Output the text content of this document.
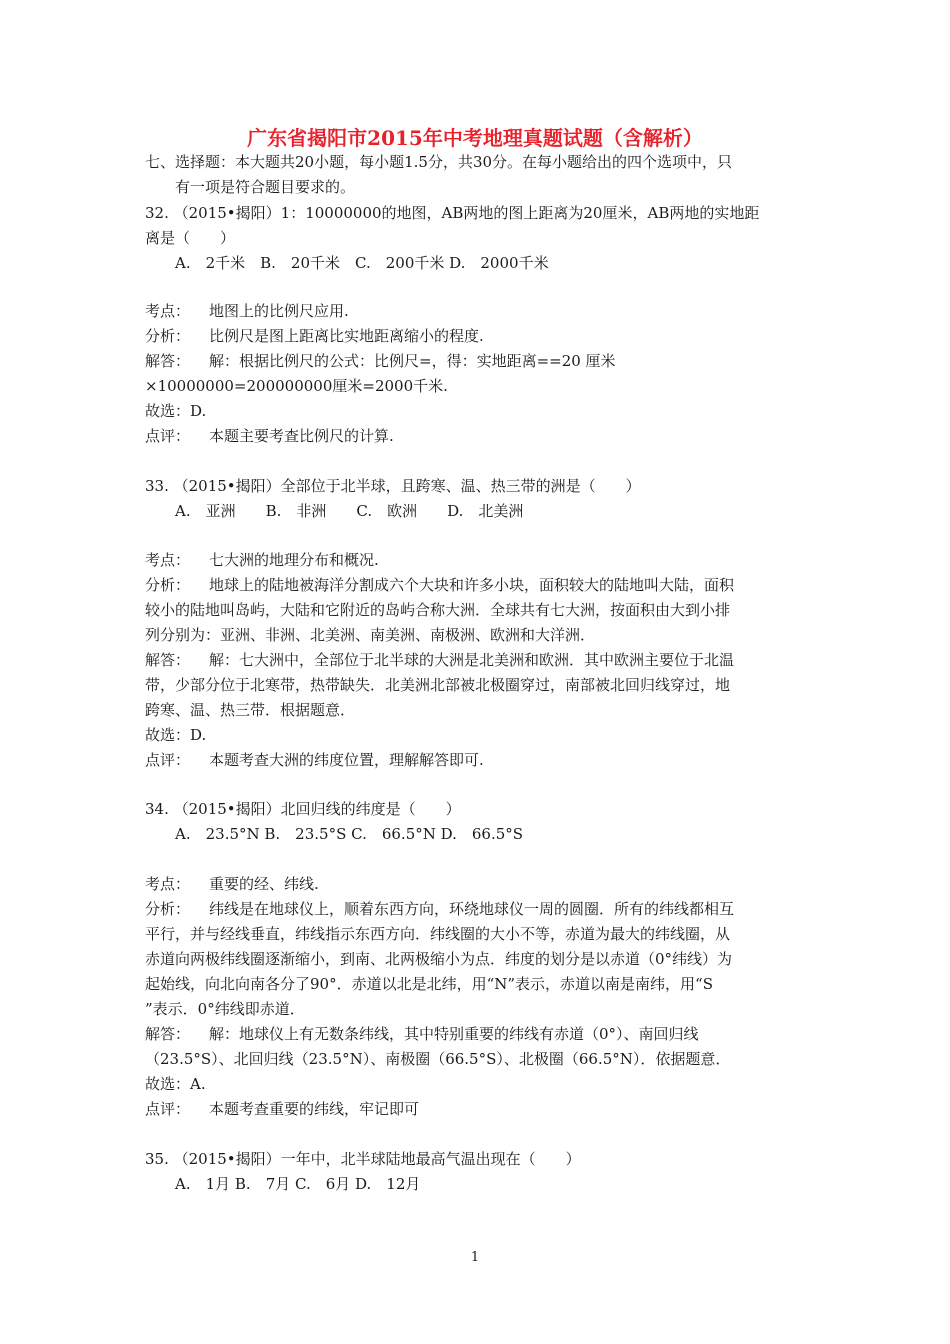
广东省揭阳市2015年中考地理真题试题（含解析）
七、选择题：本大题共20小题，每小题1.5分，共30分。在每小题给出的四个选项中，只
有一项是符合题目要求的。
32. （2015•揭阳）1：10000000的地图，AB两地的图上距离为20厘米，AB两地的实地距
离是（　　）
A.　2千米　B.　20千米　C.　200千米 D.　2000千米
考点： 地图上的比例尺应用.
分析： 比例尺是图上距离比实地距离缩小的程度.
解答： 解：根据比例尺的公式：比例尺=，得：实地距离==20 厘米
×10000000=200000000厘米=2000千米.
故选：D.
点评： 本题主要考查比例尺的计算.
33. （2015•揭阳）全部位于北半球，且跨寒、温、热三带的洲是（　　）
A.　亚洲　　B.　非洲　　C.　欧洲　　D.　北美洲
考点： 七大洲的地理分布和概况.
分析： 地球上的陆地被海洋分割成六个大块和许多小块，面积较大的陆地叫大陆，面积
较小的陆地叫岛屿，大陆和它附近的岛屿合称大洲．全球共有七大洲，按面积由大到小排
列分别为：亚洲、非洲、北美洲、南美洲、南极洲、欧洲和大洋洲．
解答： 解：七大洲中，全部位于北半球的大洲是北美洲和欧洲．其中欧洲主要位于北温
带，少部分位于北寒带，热带缺失．北美洲北部被北极圈穿过，南部被北回归线穿过，地
跨寒、温、热三带．根据题意．
故选：D.
点评： 本题考查大洲的纬度位置，理解解答即可.
34. （2015•揭阳）北回归线的纬度是（　　）
A.　23.5°N B.　23.5°S C.　66.5°N D.　66.5°S
考点： 重要的经、纬线.
分析： 纬线是在地球仪上，顺着东西方向，环绕地球仪一周的圆圈．所有的纬线都相互
平行，并与经线垂直，纬线指示东西方向．纬线圈的大小不等，赤道为最大的纬线圈，从
赤道向两极纬线圈逐渐缩小，到南、北两极缩小为点．纬度的划分是以赤道（0°纬线）为
起始线，向北向南各分了90°．赤道以北是北纬，用“N”表示，赤道以南是南纬，用“S
”表示．0°纬线即赤道．
解答： 解：地球仪上有无数条纬线，其中特别重要的纬线有赤道（0°）、南回归线
（23.5°S）、北回归线（23.5°N）、南极圈（66.5°S）、北极圈（66.5°N）．依据题意．
故选：A.
点评： 本题考查重要的纬线，牢记即可
35. （2015•揭阳）一年中，北半球陆地最高气温出现在（　　）
A.　1月 B.　7月 C.　6月 D.　12月
1
